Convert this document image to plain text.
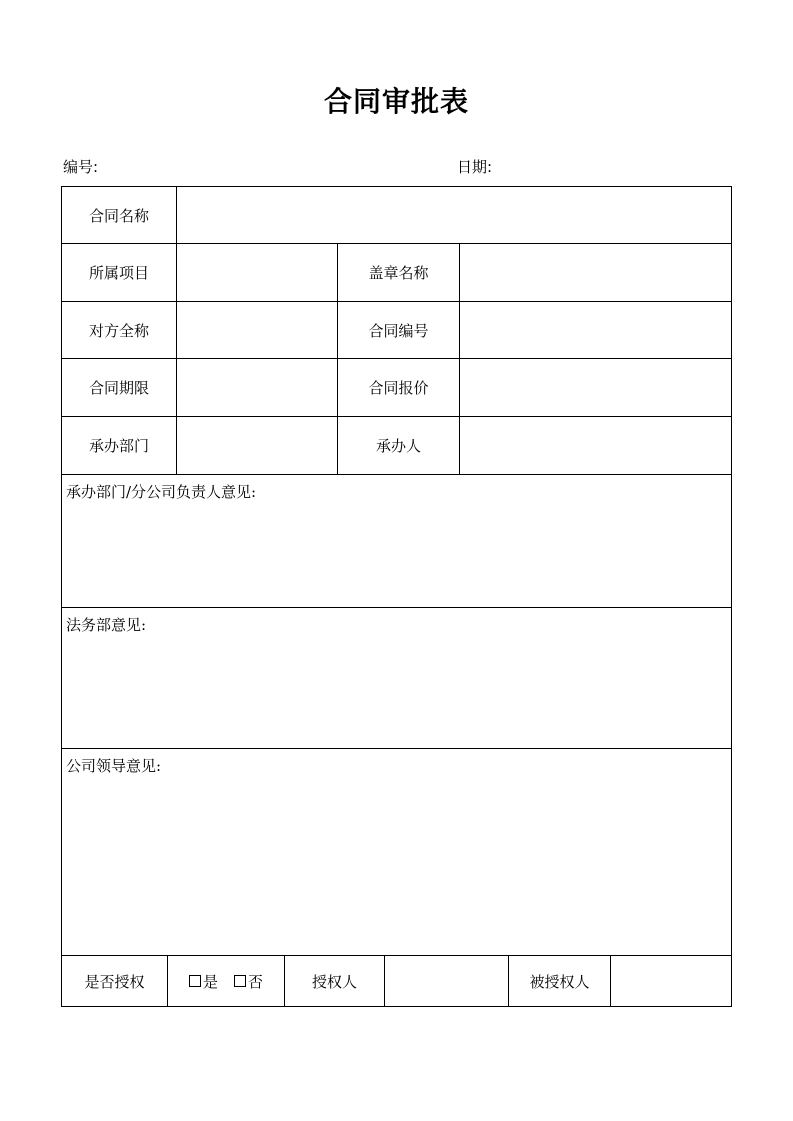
合同审批表
编号:	日期:
合同名称
所属项目	盖章名称
对方全称	合同编号
合同期限	合同报价
承办部门	承办人
承办部门/分公司负责人意见:
法务部意见:
公司领导意见:
是否授权	是 否	授权人	被授权人
